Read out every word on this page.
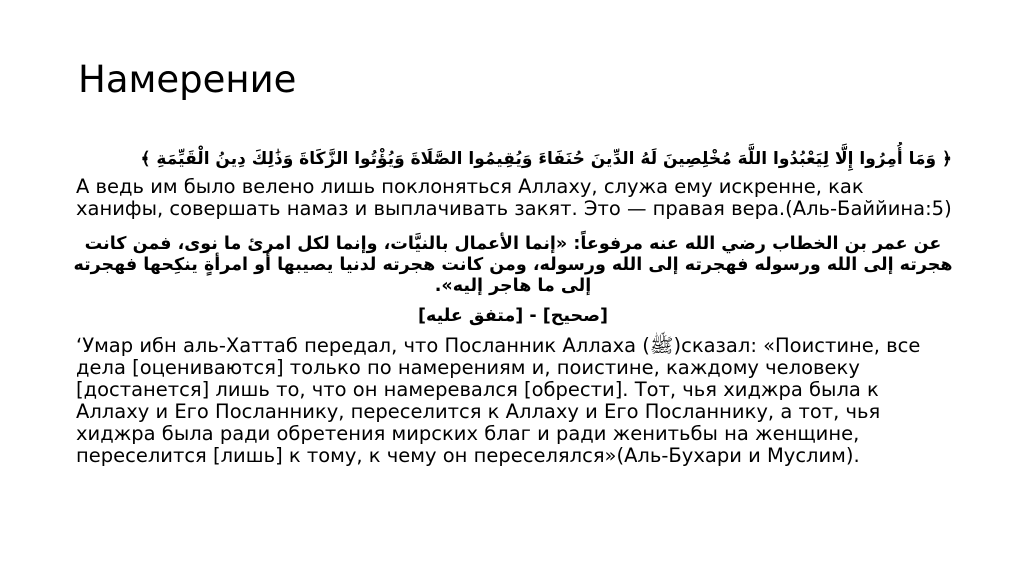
Намерение

﴿ وَمَا أُمِرُوا إِلَّا لِيَعْبُدُوا اللَّهَ مُخْلِصِينَ لَهُ الدِّينَ حُنَفَاءَ وَيُقِيمُوا الصَّلَاةَ وَيُؤْتُوا الزَّكَاةَ وَذَٰلِكَ دِينُ الْقَيِّمَةِ ﴾

А ведь им было велено лишь поклоняться Аллаху, служа ему искренне, как ханифы, совершать намаз и выплачивать закят. Это — правая вера.(Аль-Баййина:5)

عن عمر بن الخطاب رضي الله عنه مرفوعاً: «إنما الأعمال بالنيَّات، وإنما لكل امرئ ما نوى، فمن كانت هجرته إلى الله ورسوله فهجرته إلى الله ورسوله، ومن كانت هجرته لدنيا يصيبها أو امرأةٍ ينكِحها فهجرته إلى ما هاجر إليه».

[صحيح] - [متفق عليه]

ʻУмар ибн аль-Хаттаб передал, что Посланник Аллаха (ﷺ)сказал: «Поистине, все дела [оцениваются] только по намерениям и, поистине, каждому человеку [достанется] лишь то, что он намеревался [обрести]. Тот, чья хиджра была к Аллаху и Его Посланнику, переселится к Аллаху и Его Посланнику, а тот, чья хиджра была ради обретения мирских благ и ради женитьбы на женщине, переселится [лишь] к тому, к чему он переселялся»(Аль-Бухари и Муслим).
